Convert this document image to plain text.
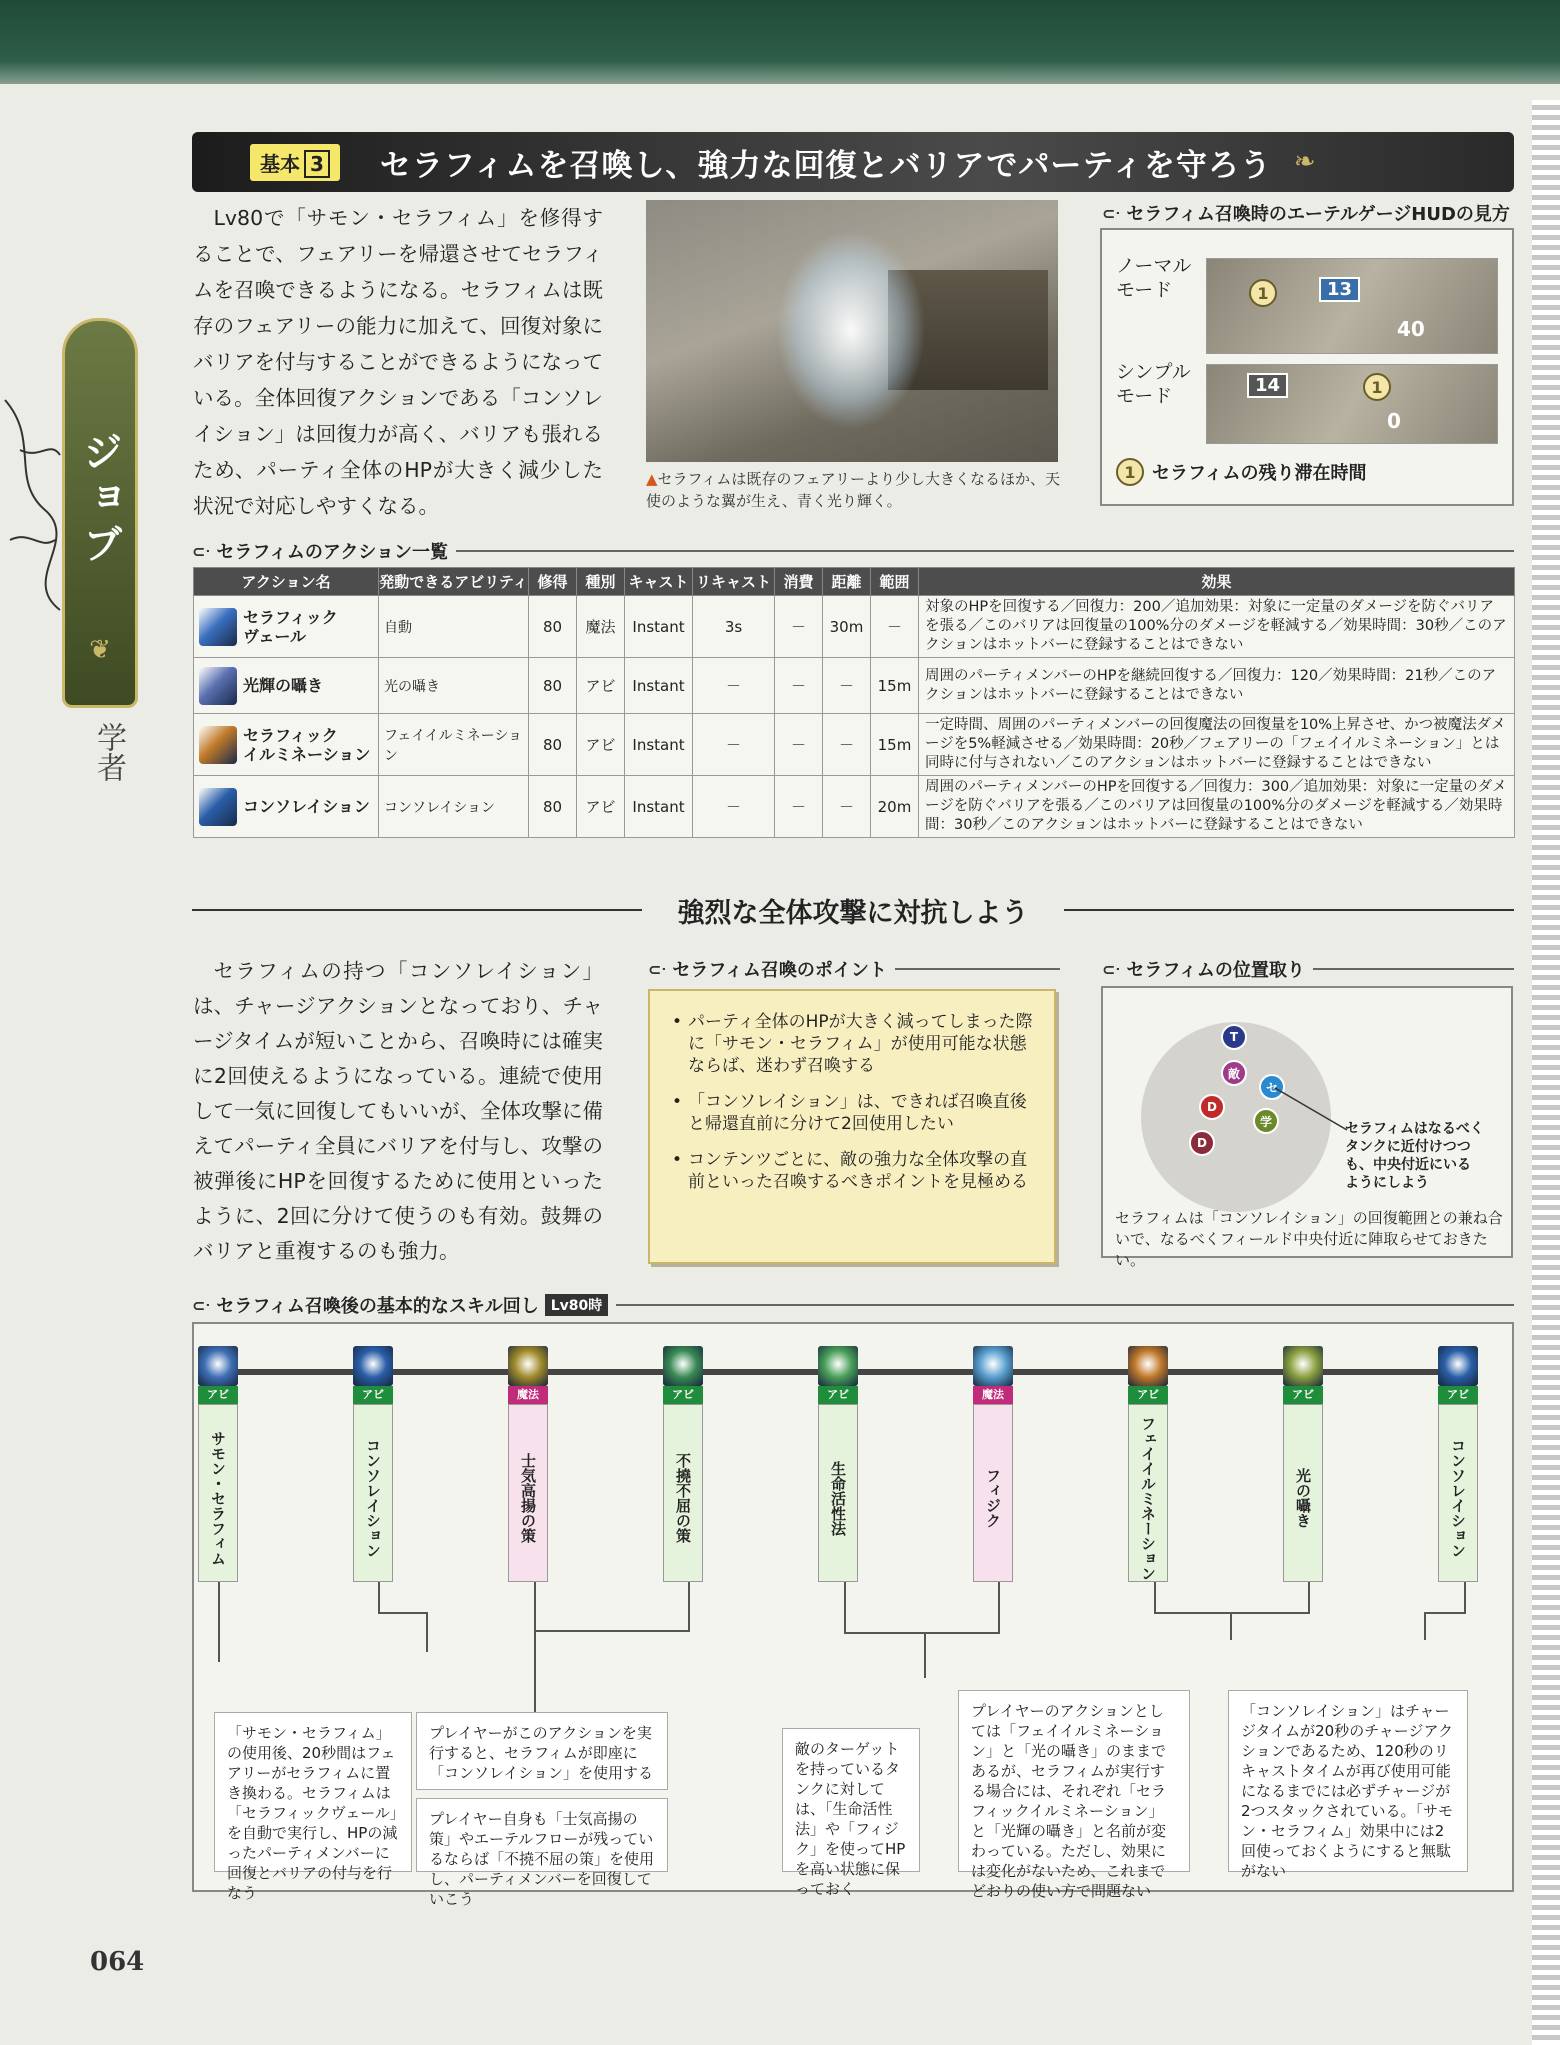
ジョブ
❦
学者
基本 3	セラフィムを召喚し、強力な回復とバリアでパーティを守ろう ❧
Lv80で「サモン・セラフィム」を修得することで、フェアリーを帰還させてセラフィムを召喚できるようになる。セラフィムは既存のフェアリーの能力に加えて、回復対象にバリアを付与することができるようになっている。全体回復アクションである「コンソレイション」は回復力が高く、バリアも張れるため、パーティ全体のHPが大きく減少した状況で対応しやすくなる。
▲セラフィムは既存のフェアリーより少し大きくなるほか、天使のような翼が生え、青く光り輝く。
⊂ᐧ セラフィム召喚時のエーテルゲージHUDの見方
ノーマル
モード	1	13
40
シンプル
モード	14	1
0
1 セラフィムの残り滞在時間
⊂ᐧ セラフィムのアクション一覧
アクション名	発動できるアビリティ	修得	種別	キャスト	リキャスト	消費	距離	範囲	効果
セラフィック
ヴェール	自動	80	魔法	Instant	3s	－	30m	－	対象のHPを回復する／回復力：200／追加効果：対象に一定量のダメージを防ぐバリアを張る／このバリアは回復量の100%分のダメージを軽減する／効果時間：30秒／このアクションはホットバーに登録することはできない
光輝の囁き	光の囁き	80	アビ	Instant	－	－	－	15m	周囲のパーティメンバーのHPを継続回復する／回復力：120／効果時間：21秒／このアクションはホットバーに登録することはできない
セラフィック
イルミネーション	フェイイルミネーション	80	アビ	Instant	－	－	－	15m	一定時間、周囲のパーティメンバーの回復魔法の回復量を10%上昇させ、かつ被魔法ダメージを5%軽減させる／効果時間：20秒／フェアリーの「フェイイルミネーション」とは同時に付与されない／このアクションはホットバーに登録することはできない
コンソレイション	コンソレイション	80	アビ	Instant	－	－	－	20m	周囲のパーティメンバーのHPを回復する／回復力：300／追加効果：対象に一定量のダメージを防ぐバリアを張る／このバリアは回復量の100%分のダメージを軽減する／効果時間：30秒／このアクションはホットバーに登録することはできない
強烈な全体攻撃に対抗しよう
セラフィムの持つ「コンソレイション」は、チャージアクションとなっており、チャージタイムが短いことから、召喚時には確実に2回使えるようになっている。連続で使用して一気に回復してもいいが、全体攻撃に備えてパーティ全員にバリアを付与し、攻撃の被弾後にHPを回復するために使用といったように、2回に分けて使うのも有効。鼓舞のバリアと重複するのも強力。
⊂ᐧ セラフィム召喚のポイント
• パーティ全体のHPが大きく減ってしまった際に「サモン・セラフィム」が使用可能な状態ならば、迷わず召喚する
• 「コンソレイション」は、できれば召喚直後と帰還直前に分けて2回使用したい
• コンテンツごとに、敵の強力な全体攻撃の直前といった召喚するべきポイントを見極める
⊂ᐧ セラフィムの位置取り
T
敵
セ
D
D
学	セラフィムはなるべく
タンクに近付けつつ
も、中央付近にいる
ようにしよう
セラフィムは「コンソレイション」の回復範囲との兼ね合いで、なるべくフィールド中央付近に陣取らせておきたい。
⊂ᐧ セラフィム召喚後の基本的なスキル回し Lv80時
「サモン・セラフィム」の使用後、20秒間はフェアリーがセラフィムに置き換わる。セラフィムは「セラフィックヴェール」を自動で実行し、HPの減ったパーティメンバーに回復とバリアの付与を行なう
プレイヤーがこのアクションを実行すると、セラフィムが即座に「コンソレイション」を使用する
プレイヤー自身も「士気高揚の策」やエーテルフローが残っているならば「不撓不屈の策」を使用し、パーティメンバーを回復していこう
敵のターゲットを持っているタンクに対しては、「生命活性法」や「フィジク」を使ってHPを高い状態に保っておく
プレイヤーのアクションとしては「フェイイルミネーション」と「光の囁き」のままであるが、セラフィムが実行する場合には、それぞれ「セラフィックイルミネーション」と「光輝の囁き」と名前が変わっている。ただし、効果には変化がないため、これまでどおりの使い方で問題ない
「コンソレイション」はチャージタイムが20秒のチャージアクションであるため、120秒のリキャストタイムが再び使用可能になるまでには必ずチャージが2つスタックされている。「サモン・セラフィム」効果中には2回使っておくようにすると無駄がない
アビ
サモン・セラフィム
アビ
コンソレイション
魔法
士気高揚の策
アビ
不撓不屈の策
アビ
生命活性法
魔法
フィジク
アビ
フェイイルミネーション
アビ
光の囁き
アビ
コンソレイション
064
